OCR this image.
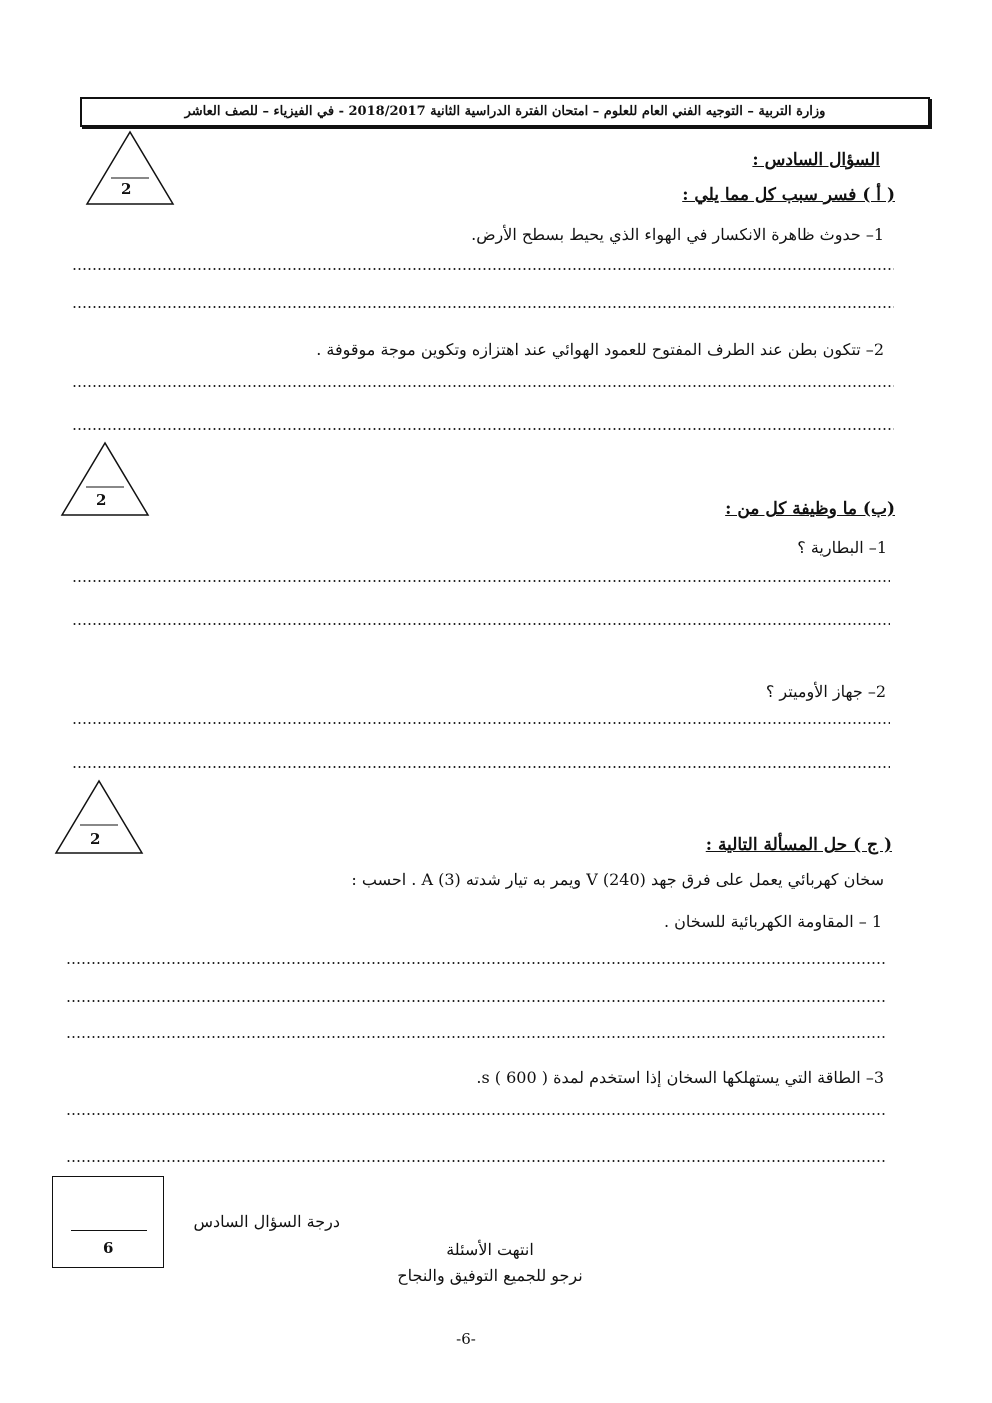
وزارة التربية – التوجيه الفني العام للعلوم – امتحان الفترة الدراسية الثانية 2018/2017 - في الفيزياء – للصف العاشر
السؤال السادس :
2	( أ ) فسر سبب كل مما يلي :
1– حدوث ظاهرة الانكسار في الهواء الذي يحيط بسطح الأرض.
2– تتكون بطن عند الطرف المفتوح للعمود الهوائي عند اهتزازه وتكوين موجة موقوفة .
2	(ب) ما وظيفة كل من :
1– البطارية ؟
2– جهاز الأوميتر ؟
2	( ج ) حل المسألة التالية :
سخان كهربائي يعمل على فرق جهد V (240) ويمر به تيار شدته A (3) . احسب :
1 – المقاومة الكهربائية للسخان .
3– الطاقة التي يستهلكها السخان إذا استخدم لمدة s ( 600 ).
6
درجة السؤال السادس
انتهت الأسئلة
نرجو للجميع التوفيق والنجاح
-6-
